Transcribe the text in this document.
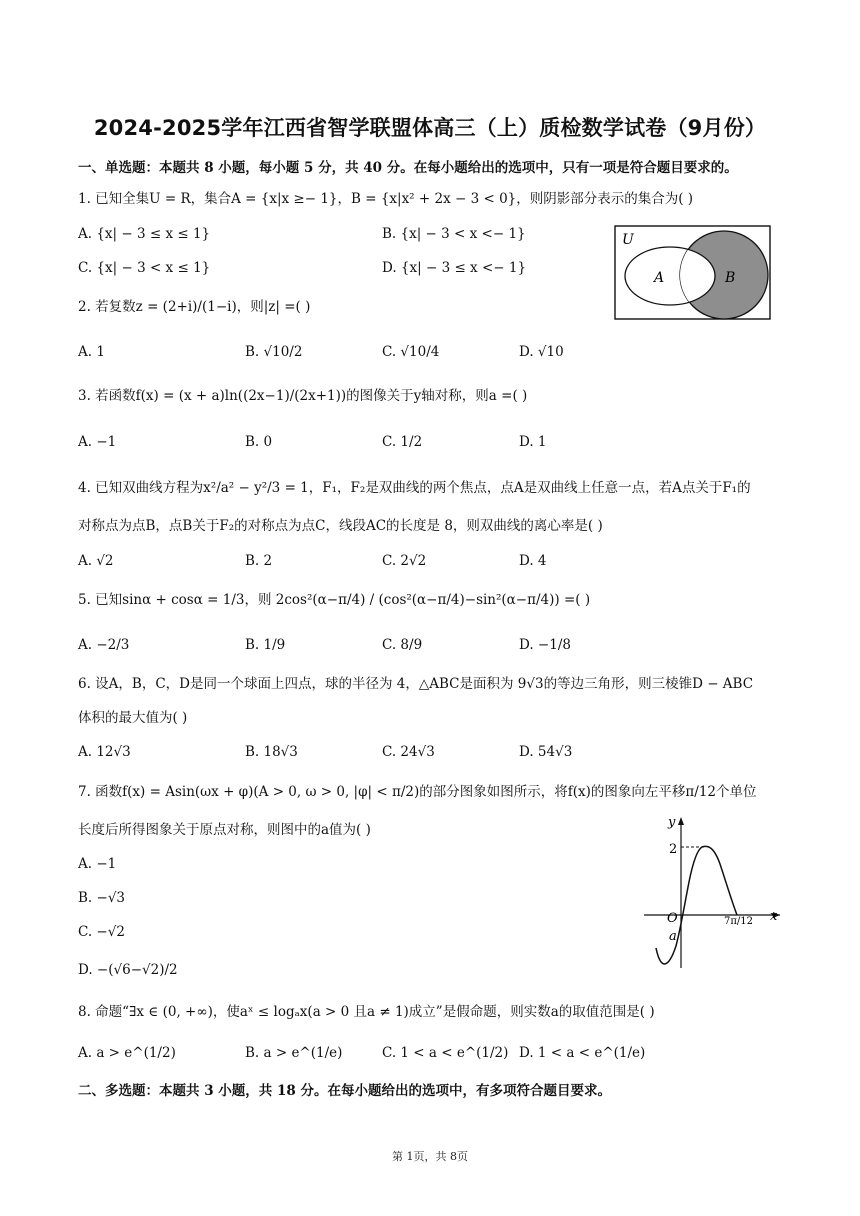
2024-2025学年江西省智学联盟体高三（上）质检数学试卷（9月份）
一、单选题：本题共 8 小题，每小题 5 分，共 40 分。在每小题给出的选项中，只有一项是符合题目要求的。
1. 已知全集U = R，集合A = {x|x ≥− 1}，B = {x|x² + 2x − 3 < 0}，则阴影部分表示的集合为( )
A. {x| − 3 ≤ x ≤ 1}	B. {x| − 3 < x <− 1}
C. {x| − 3 < x ≤ 1}	D. {x| − 3 ≤ x <− 1}
U
A	B
2. 若复数z = (2+i)/(1−i)，则|z| =( )
A. 1	B. √10/2	C. √10/4	D. √10
3. 若函数f(x) = (x + a)ln((2x−1)/(2x+1))的图像关于y轴对称，则a =( )
A. −1	B. 0	C. 1/2	D. 1
4. 已知双曲线方程为x²/a² − y²/3 = 1，F₁，F₂是双曲线的两个焦点，点A是双曲线上任意一点，若A点关于F₁的
对称点为点B，点B关于F₂的对称点为点C，线段AC的长度是 8，则双曲线的离心率是( )
A. √2	B. 2	C. 2√2	D. 4
5. 已知sinα + cosα = 1/3，则 2cos²(α−π/4) / (cos²(α−π/4)−sin²(α−π/4)) =( )
A. −2/3	B. 1/9	C. 8/9	D. −1/8
6. 设A，B，C，D是同一个球面上四点，球的半径为 4，△ABC是面积为 9√3的等边三角形，则三棱锥D − ABC
体积的最大值为( )
A. 12√3	B. 18√3	C. 24√3	D. 54√3
7. 函数f(x) = Asin(ωx + φ)(A > 0, ω > 0, |φ| < π/2)的部分图象如图所示，将f(x)的图象向左平移π/12个单位
长度后所得图象关于原点对称，则图中的a值为( )
A. −1
B. −√3
C. −√2
D. −(√6−√2)/2
y
x
2
O
a
7π/12
8. 命题“∃x ∈ (0, +∞)，使aˣ ≤ logₐx(a > 0 且a ≠ 1)成立”是假命题，则实数a的取值范围是( )
A. a > e^(1/2)	B. a > e^(1/e)	C. 1 < a < e^(1/2) D. 1 < a < e^(1/e)
二、多选题：本题共 3 小题，共 18 分。在每小题给出的选项中，有多项符合题目要求。
第 1页，共 8页
